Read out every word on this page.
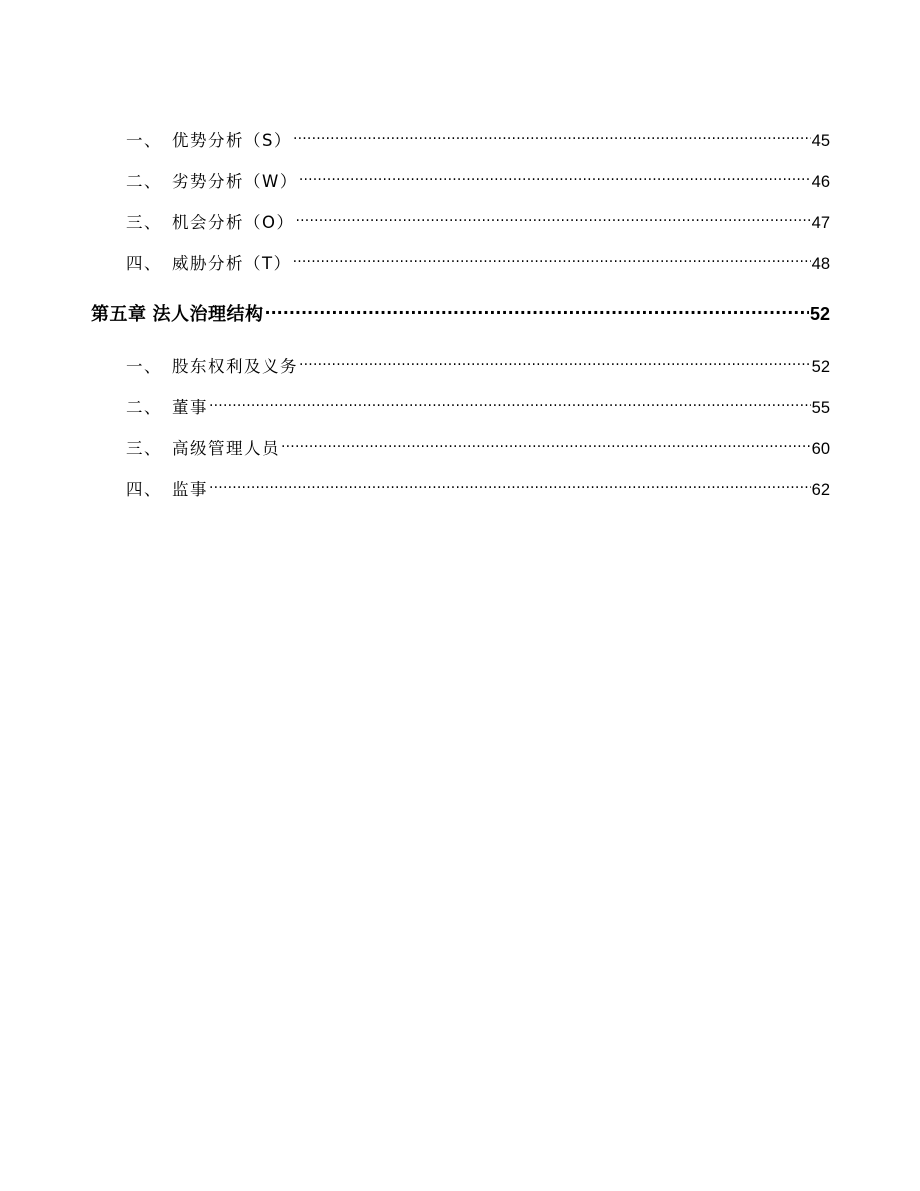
一、 优势分析（S） .....	45
二、 劣势分析（W） .....	46
三、 机会分析（O） .....	47
四、 威胁分析（T） .....	48
第五章 法人治理结构 .....	52
一、 股东权利及义务 .....	52
二、 董事 .....	55
三、 高级管理人员 .....	60
四、 监事 .....	62
